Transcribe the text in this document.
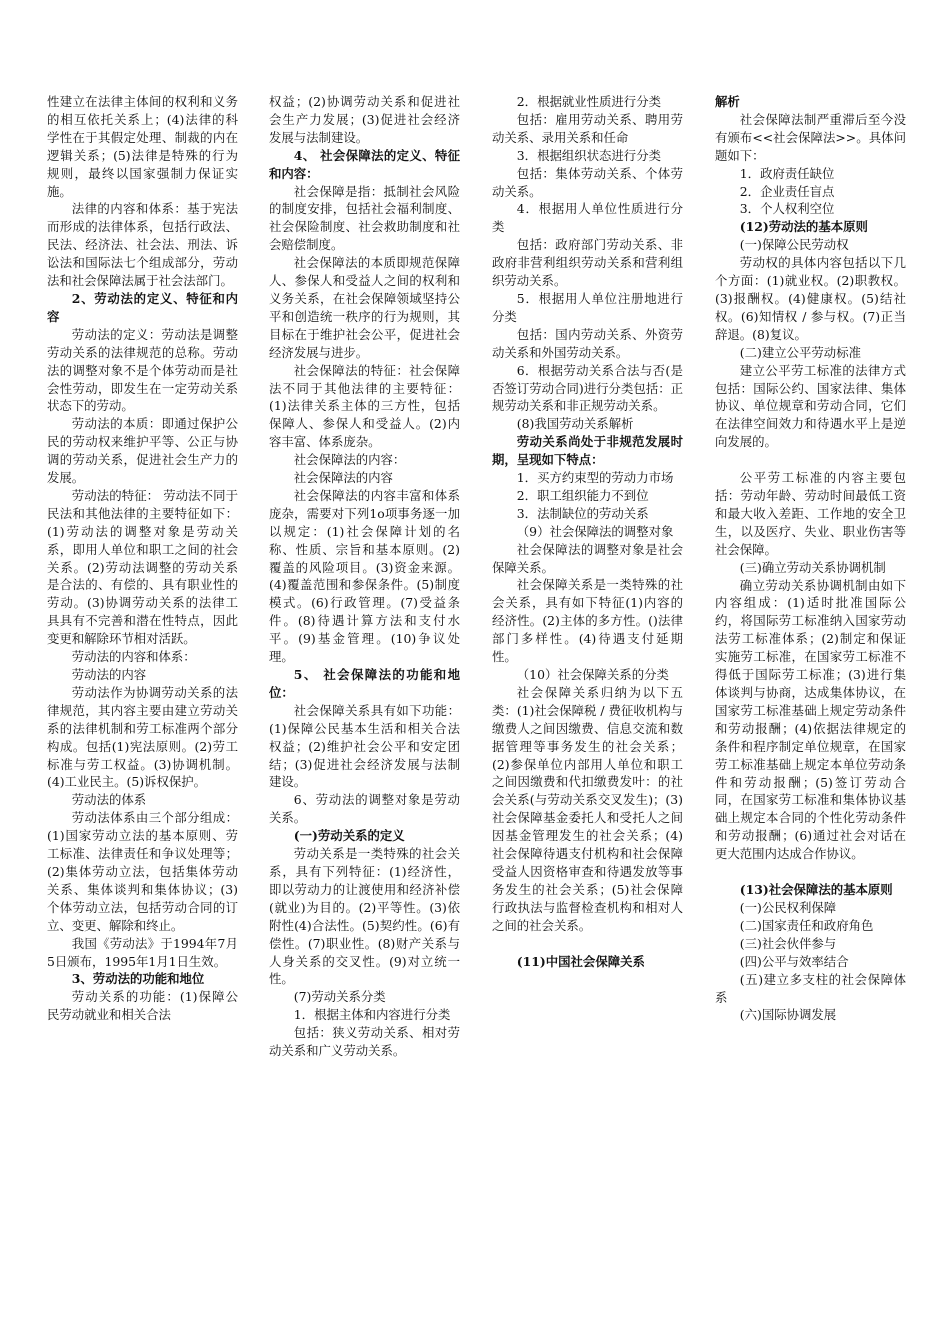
性建立在法律主体间的权利和义务的相互依托关系上；(4)法律的科学性在于其假定处理、制裁的内在逻辑关系；(5)法律是特殊的行为规则，最终以国家强制力保证实施。

法律的内容和体系：基于宪法而形成的法律体系，包括行政法、民法、经济法、社会法、刑法、诉讼法和国际法七个组成部分，劳动法和社会保障法属于社会法部门。

2、劳动法的定义、特征和内容

劳动法的定义：劳动法是调整劳动关系的法律规范的总称。劳动法的调整对象不是个体劳动而是社会性劳动，即发生在一定劳动关系状态下的劳动。

劳动法的本质：即通过保护公民的劳动权来维护平等、公正与协调的劳动关系，促进社会生产力的发展。

劳动法的特征： 劳动法不同于民法和其他法律的主要特征如下：(1)劳动法的调整对象是劳动关系，即用人单位和职工之间的社会关系。(2)劳动法调整的劳动关系是合法的、有偿的、具有职业性的劳动。(3)协调劳动关系的法律工具具有不完善和潜在性特点，因此变更和解除环节相对活跃。

劳动法的内容和体系：

劳动法的内容

劳动法作为协调劳动关系的法律规范，其内容主要由建立劳动关系的法律机制和劳工标准两个部分构成。包括(1)宪法原则。(2)劳工标准与劳工权益。(3)协调机制。(4)工业民主。(5)诉权保护。

劳动法的体系

劳动法体系由三个部分组成：(1)国家劳动立法的基本原则、劳工标准、法律责任和争议处理等；(2)集体劳动立法，包括集体劳动关系、集体谈判和集体协议；(3)个体劳动立法，包括劳动合同的订立、变更、解除和终止。

我国《劳动法》于1994年7月5日颁布，1995年1月1日生效。

3、劳动法的功能和地位

劳动关系的功能：(1)保障公民劳动就业和相关合法

权益；(2)协调劳动关系和促进社会生产力发展；(3)促进社会经济发展与法制建设。

4、 社会保障法的定义、特征和内容：

社会保障是指：抵制社会风险的制度安排，包括社会福利制度、社会保险制度、社会救助制度和社会赔偿制度。

社会保障法的本质即规范保障人、参保人和受益人之间的权利和义务关系，在社会保障领域坚持公平和创造统一秩序的行为规则，其目标在于维护社会公平，促进社会经济发展与进步。

社会保障法的特征：社会保障法不同于其他法律的主要特征：(1)法律关系主体的三方性，包括保障人、参保人和受益人。(2)内容丰富、体系庞杂。

社会保障法的内容：

社会保障法的内容

社会保障法的内容丰富和体系庞杂，需要对下列1o项事务逐一加以规定：(1)社会保障计划的名称、性质、宗旨和基本原则。(2)覆盖的风险项目。(3)资金来源。(4)覆盖范围和参保条件。(5)制度模式。(6)行政管理。(7)受益条件。(8)待遇计算方法和支付水平。(9)基金管理。(10)争议处理。

5、 社会保障法的功能和地位：

社会保障关系具有如下功能：(1)保障公民基本生活和相关合法权益；(2)维护社会公平和安定团结；(3)促进社会经济发展与法制建设。

6、劳动法的调整对象是劳动关系。

(一)劳动关系的定义

劳动关系是一类特殊的社会关系，具有下列特征：(1)经济性，即以劳动力的让渡使用和经济补偿(就业)为目的。(2)平等性。(3)依附性(4)合法性。(5)契约性。(6)有偿性。(7)职业性。(8)财产关系与人身关系的交叉性。(9)对立统一性。

(7)劳动关系分类

1．根据主体和内容进行分类

包括：狭义劳动关系、相对劳动关系和广义劳动关系。

2．根据就业性质进行分类

包括：雇用劳动关系、聘用劳动关系、录用关系和任命

3．根据组织状态进行分类

包括：集体劳动关系、个体劳动关系。

4．根据用人单位性质进行分类

包括：政府部门劳动关系、非政府非营利组织劳动关系和营利组织劳动关系。

5．根据用人单位注册地进行分类

包括：国内劳动关系、外资劳动关系和外国劳动关系。

6．根据劳动关系合法与否(是否签订劳动合同)进行分类包括：正规劳动关系和非正规劳动关系。

(8)我国劳动关系解析

劳动关系尚处于非规范发展时期，呈现如下特点：

1．买方约束型的劳动力市场

2．职工组织能力不到位

3．法制缺位的劳动关系

（9）社会保障法的调整对象

社会保障法的调整对象是社会保障关系。

社会保障关系是一类特殊的社会关系，具有如下特征(1)内容的经济性。(2)主体的多方性。()法律部门多样性。(4)待遇支付延期性。

（10）社会保障关系的分类

社会保障关系归纳为以下五类：(1)社会保障税 / 费征收机构与缴费人之间因缴费、信息交流和数据管理等事务发生的社会关系；(2)参保单位内部用人单位和职工之间因缴费和代扣缴费发叶：的社会关系(与劳动关系交叉发生)；(3)社会保障基金委托人和受托人之间因基金管理发生的社会关系；(4)社会保障待遇支付机构和社会保障受益人因资格审查和待遇发放等事务发生的社会关系；(5)社会保障行政执法与监督检查机构和相对人之间的社会关系。

(11)中国社会保障关系

解析

社会保障法制严重滞后至今没有颁布<<社会保障法>>。具体问题如下：

1．政府责任缺位

2．企业责任盲点

3．个人权利空位

(12)劳动法的基本原则

(一)保障公民劳动权

劳动权的具体内容包括以下几个方面：(1)就业权。(2)职教权。(3)报酬权。(4)健康权。(5)结社权。(6)知情权 / 参与权。(7)正当辞退。(8)复议。

(二)建立公平劳动标准

建立公平劳工标准的法律方式包括：国际公约、国家法律、集体协议、单位规章和劳动合同，它们在法律空间效力和待遇水平上是逆向发展的。

公平劳工标准的内容主要包括：劳动年龄、劳动时间最低工资和最大收入差距、工作地的安全卫生，以及医疗、失业、职业伤害等社会保障。

(三)确立劳动关系协调机制

确立劳动关系协调机制由如下内容组成：(1)适时批准国际公约，将国际劳工标准纳入国家劳动法劳工标准体系；(2)制定和保证实施劳工标准，在国家劳工标准不得低于国际劳工标准；(3)进行集体谈判与协商，达成集体协议，在国家劳工标准基础上规定劳动条件和劳动报酬；(4)依据法律规定的条件和程序制定单位规章，在国家劳工标准基础上规定本单位劳动条件和劳动报酬；(5)签订劳动合同，在国家劳工标准和集体协议基础上规定本合同的个性化劳动条件和劳动报酬；(6)通过社会对话在更大范围内达成合作协议。

(13)社会保障法的基本原则

(一)公民权利保障

(二)国家责任和政府角色

(三)社会伙伴参与

(四)公平与效率结合

(五)建立多支柱的社会保障体系

(六)国际协调发展
